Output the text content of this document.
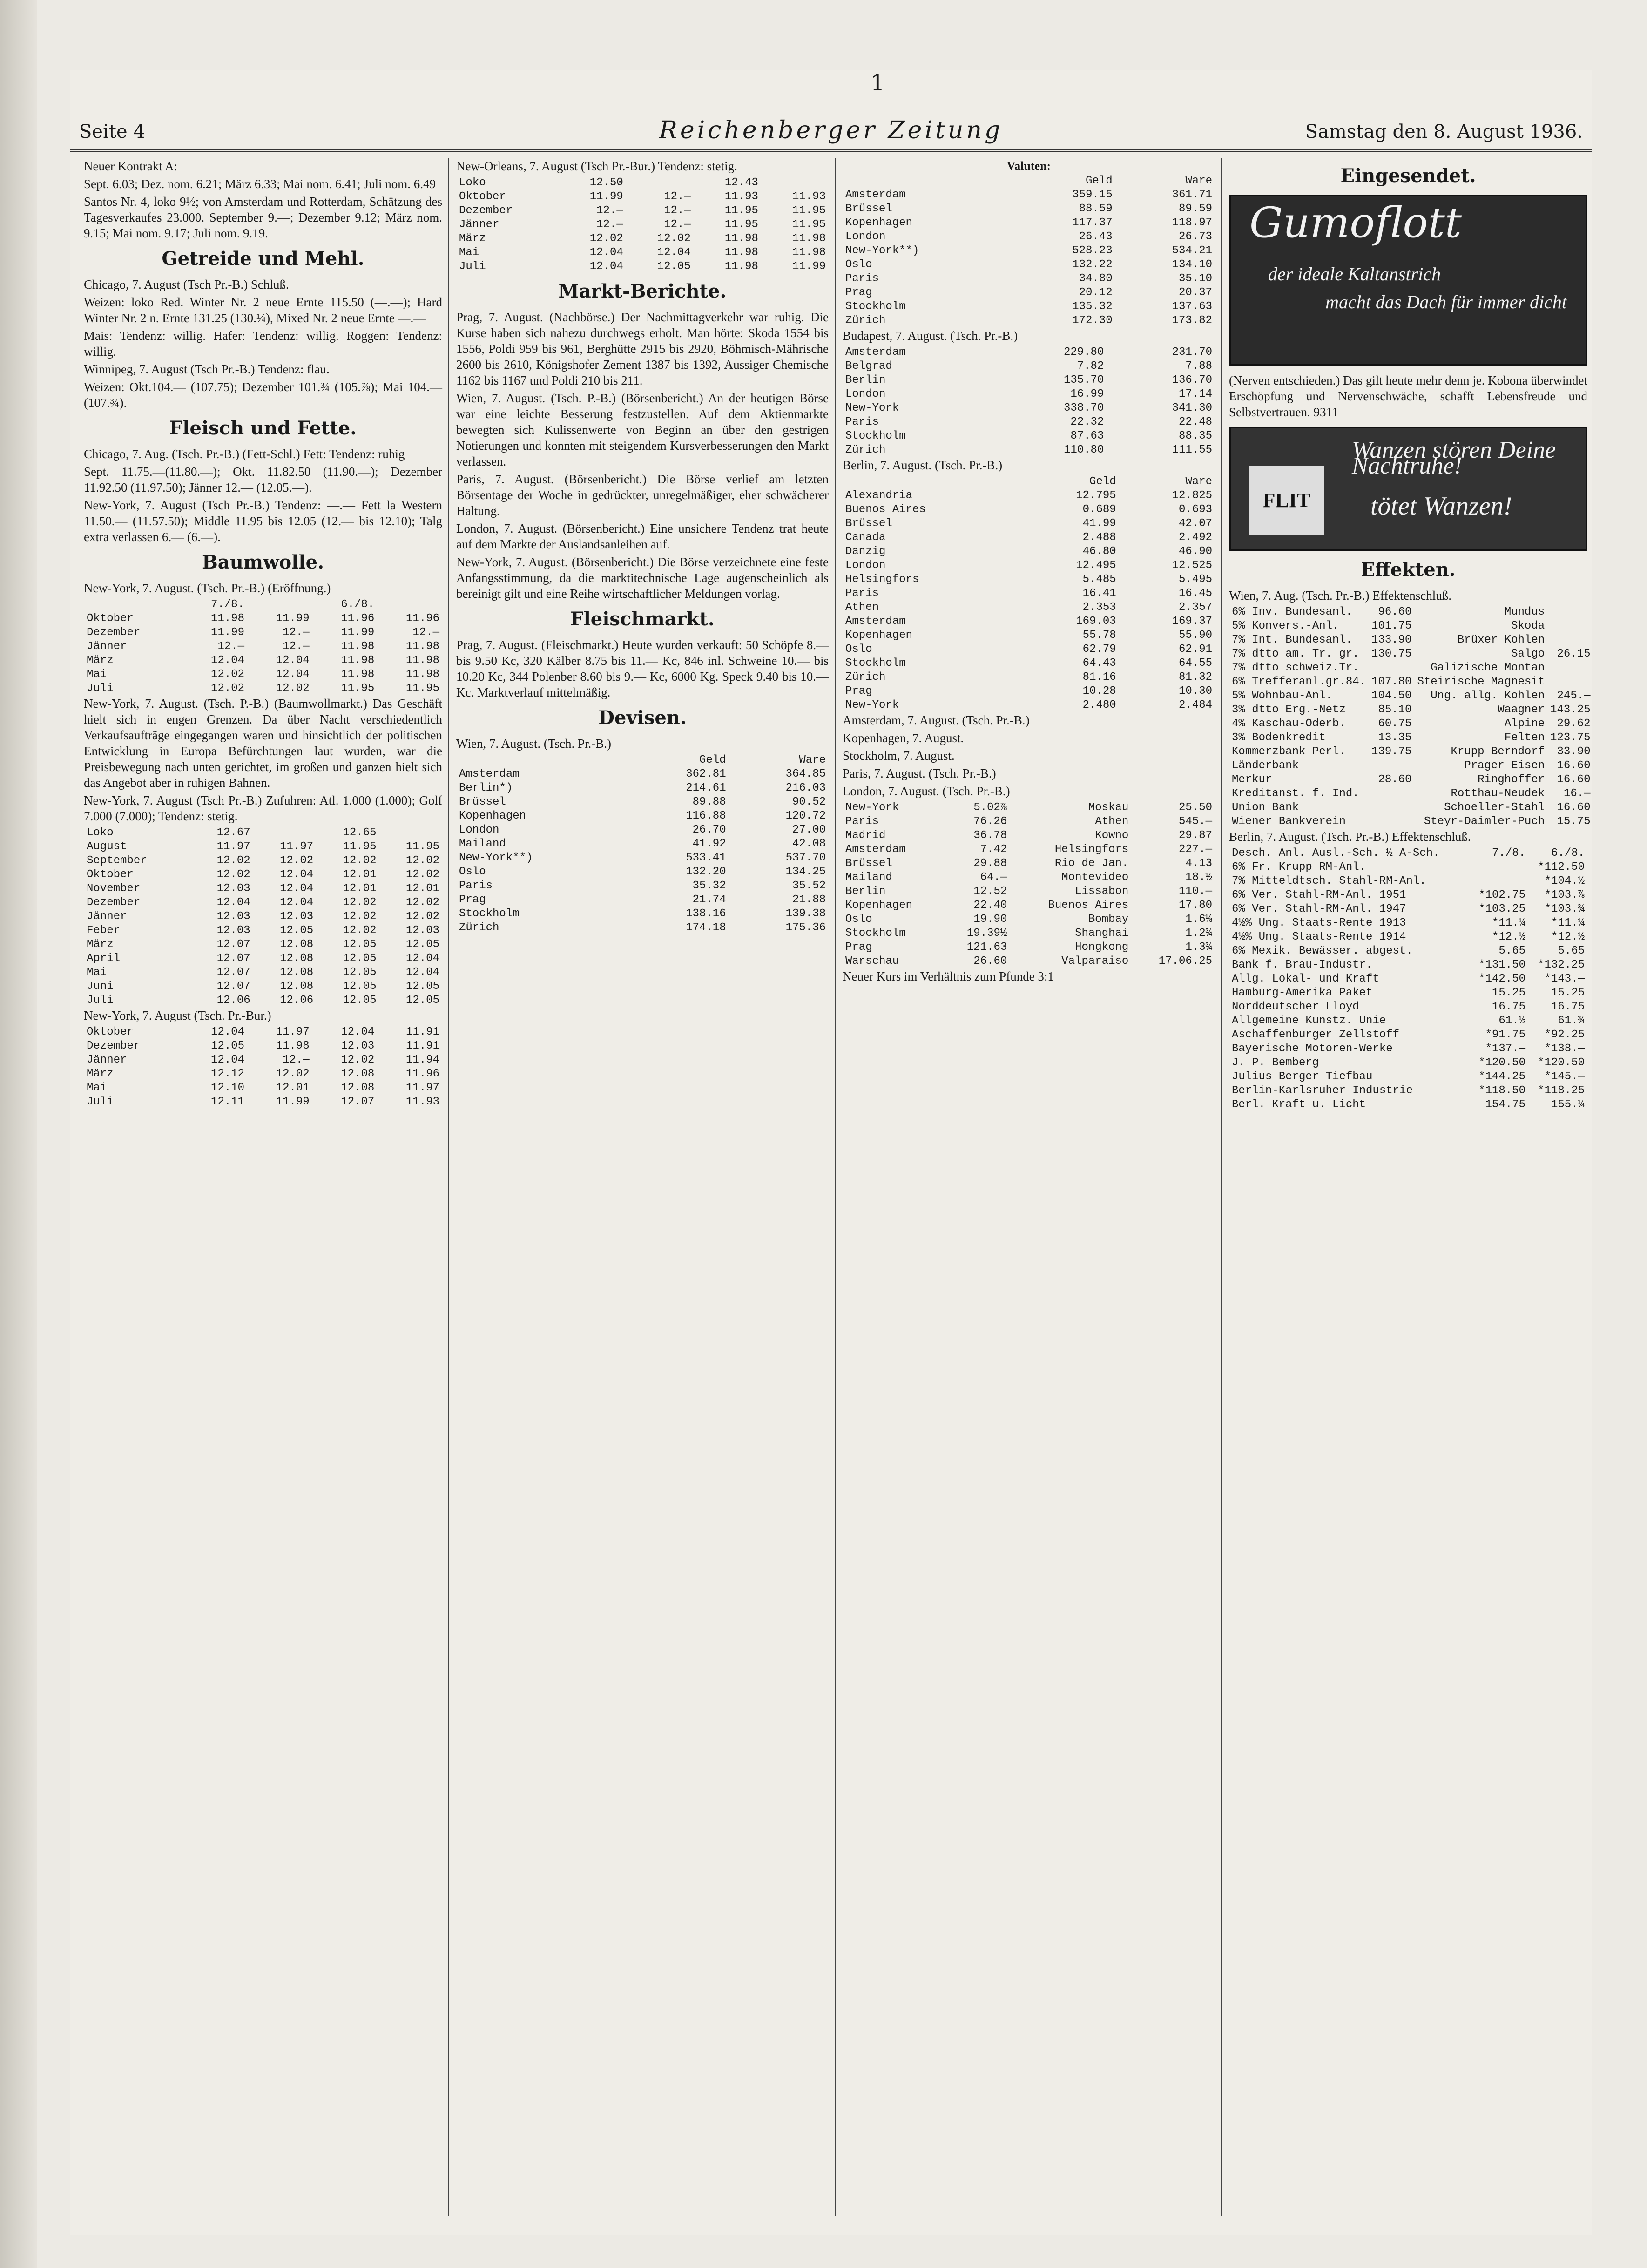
1
Seite 4	Reichenberger Zeitung	Samstag den 8. August 1936.

Neuer Kontrakt A:

Sept. 6.03; Dez. nom. 6.21; März 6.33; Mai nom. 6.41; Juli nom. 6.49

Santos Nr. 4, loko 9½; von Amsterdam und Rotterdam, Schätzung des Tagesverkaufes 23.000. September 9.—; Dezember 9.12; März nom. 9.15; Mai nom. 9.17; Juli nom. 9.19.

Getreide und Mehl.

Chicago, 7. August (Tsch Pr.-B.) Schluß.

Weizen: loko Red. Winter Nr. 2 neue Ernte 115.50 (—.—); Hard Winter Nr. 2 n. Ernte 131.25 (130.¼), Mixed Nr. 2 neue Ernte —.—

Mais: Tendenz: willig. Hafer: Tendenz: willig. Roggen: Tendenz: willig.

Winnipeg, 7. August (Tsch Pr.-B.) Tendenz: flau.

Weizen: Okt.104.— (107.75); Dezember 101.¾ (105.⅞); Mai 104.— (107.¾).

Fleisch und Fette.

Chicago, 7. Aug. (Tsch. Pr.-B.) (Fett-Schl.) Fett: Tendenz: ruhig

Sept. 11.75.—(11.80.—); Okt. 11.82.50 (11.90.—); Dezember 11.92.50 (11.97.50); Jänner 12.— (12.05.—).

New-York, 7. August (Tsch Pr.-B.) Tendenz: —.— Fett la Western 11.50.— (11.57.50); Middle 11.95 bis 12.05 (12.— bis 12.10); Talg extra verlassen 6.— (6.—).

Baumwolle.

New-York, 7. August. (Tsch. Pr.-B.) (Eröffnung.)

	7./8.		6./8.	
Oktober	11.98	11.99	11.96	11.96
Dezember	11.99	12.—	11.99	12.—
Jänner	12.—	12.—	11.98	11.98
März	12.04	12.04	11.98	11.98
Mai	12.02	12.04	11.98	11.98
Juli	12.02	12.02	11.95	11.95

New-York, 7. August. (Tsch. P.-B.) (Baumwollmarkt.) Das Geschäft hielt sich in engen Grenzen. Da über Nacht verschiedentlich Verkaufsaufträge eingegangen waren und hinsichtlich der politischen Entwicklung in Europa Befürchtungen laut wurden, war die Preisbewegung nach unten gerichtet, im großen und ganzen hielt sich das Angebot aber in ruhigen Bahnen.

New-York, 7. August (Tsch Pr.-B.) Zufuhren: Atl. 1.000 (1.000); Golf 7.000 (7.000); Tendenz: stetig.

Loko	12.67		12.65	
August	11.97	11.97	11.95	11.95
September	12.02	12.02	12.02	12.02
Oktober	12.02	12.04	12.01	12.02
November	12.03	12.04	12.01	12.01
Dezember	12.04	12.04	12.02	12.02
Jänner	12.03	12.03	12.02	12.02
Feber	12.03	12.05	12.02	12.03
März	12.07	12.08	12.05	12.05
April	12.07	12.08	12.05	12.04
Mai	12.07	12.08	12.05	12.04
Juni	12.07	12.08	12.05	12.05
Juli	12.06	12.06	12.05	12.05

New-York, 7. August (Tsch. Pr.-Bur.)

Oktober	12.04	11.97	12.04	11.91
Dezember	12.05	11.98	12.03	11.91
Jänner	12.04	12.—	12.02	11.94
März	12.12	12.02	12.08	11.96
Mai	12.10	12.01	12.08	11.97
Juli	12.11	11.99	12.07	11.93

New-Orleans, 7. August (Tsch Pr.-Bur.) Tendenz: stetig.

Loko	12.50		12.43	
Oktober	11.99	12.—	11.93	11.93
Dezember	12.—	12.—	11.95	11.95
Jänner	12.—	12.—	11.95	11.95
März	12.02	12.02	11.98	11.98
Mai	12.04	12.04	11.98	11.98
Juli	12.04	12.05	11.98	11.99
Markt-Berichte.

Prag, 7. August. (Nachbörse.) Der Nachmittagverkehr war ruhig. Die Kurse haben sich nahezu durchwegs erholt. Man hörte: Skoda 1554 bis 1556, Poldi 959 bis 961, Berghütte 2915 bis 2920, Böhmisch-Mährische 2600 bis 2610, Königshofer Zement 1387 bis 1392, Aussiger Chemische 1162 bis 1167 und Poldi 210 bis 211.

Wien, 7. August. (Tsch. P.-B.) (Börsenbericht.) An der heutigen Börse war eine leichte Besserung festzustellen. Auf dem Aktienmarkte bewegten sich Kulissenwerte von Beginn an über den gestrigen Notierungen und konnten mit steigendem Kursverbesserungen den Markt verlassen.

Paris, 7. August. (Börsenbericht.) Die Börse verlief am letzten Börsentage der Woche in gedrückter, unregelmäßiger, eher schwächerer Haltung.

London, 7. August. (Börsenbericht.) Eine unsichere Tendenz trat heute auf dem Markte der Auslandsanleihen auf.

New-York, 7. August. (Börsenbericht.) Die Börse verzeichnete eine feste Anfangsstimmung, da die marktitechnische Lage augenscheinlich als bereinigt gilt und eine Reihe wirtschaftlicher Meldungen vorlag.

Fleischmarkt.

Prag, 7. August. (Fleischmarkt.) Heute wurden verkauft: 50 Schöpfe 8.— bis 9.50 Kc, 320 Kälber 8.75 bis 11.— Kc, 846 inl. Schweine 10.— bis 10.20 Kc, 344 Polenber 8.60 bis 9.— Kc, 6000 Kg. Speck 9.40 bis 10.— Kc. Marktverlauf mittelmäßig.

Devisen.

Wien, 7. August. (Tsch. Pr.-B.)

	Geld	Ware
Amsterdam	362.81	364.85
Berlin*)	214.61	216.03
Brüssel	89.88	90.52
Kopenhagen	116.88	120.72
London	26.70	27.00
Mailand	41.92	42.08
New-York**)	533.41	537.70
Oslo	132.20	134.25
Paris	35.32	35.52
Prag	21.74	21.88
Stockholm	138.16	139.38
Zürich	174.18	175.36
Valuten:
	Geld	Ware
Amsterdam	359.15	361.71
Brüssel	88.59	89.59
Kopenhagen	117.37	118.97
London	26.43	26.73
New-York**)	528.23	534.21
Oslo	132.22	134.10
Paris	34.80	35.10
Prag	20.12	20.37
Stockholm	135.32	137.63
Zürich	172.30	173.82

Budapest, 7. August. (Tsch. Pr.-B.)

Amsterdam	229.80	231.70
Belgrad	7.82	7.88
Berlin	135.70	136.70
London	16.99	17.14
New-York	338.70	341.30
Paris	22.32	22.48
Stockholm	87.63	88.35
Zürich	110.80	111.55

Berlin, 7. August. (Tsch. Pr.-B.)

	Geld	Ware
Alexandria	12.795	12.825
Buenos Aires	0.689	0.693
Brüssel	41.99	42.07
Canada	2.488	2.492
Danzig	46.80	46.90
London	12.495	12.525
Helsingfors	5.485	5.495
Paris	16.41	16.45
Athen	2.353	2.357
Amsterdam	169.03	169.37
Kopenhagen	55.78	55.90
Oslo	62.79	62.91
Stockholm	64.43	64.55
Zürich	81.16	81.32
Prag	10.28	10.30
New-York	2.480	2.484

Amsterdam, 7. August. (Tsch. Pr.-B.)

Kopenhagen, 7. August.

Stockholm, 7. August.

Paris, 7. August. (Tsch. Pr.-B.)

London, 7. August. (Tsch. Pr.-B.)

New-York	5.02⅞	Moskau	25.50
Paris	76.26	Athen	545.—
Madrid	36.78	Kowno	29.87
Amsterdam	7.42	Helsingfors	227.—
Brüssel	29.88	Rio de Jan.	4.13
Mailand	64.—	Montevideo	18.½
Berlin	12.52	Lissabon	110.—
Kopenhagen	22.40	Buenos Aires	17.80
Oslo	19.90	Bombay	1.6⅛
Stockholm	19.39½	Shanghai	1.2¾
Prag	121.63	Hongkong	1.3¾
Warschau	26.60	Valparaiso	17.06.25

Neuer Kurs im Verhältnis zum Pfunde 3:1

Eingesendet.
Gumoflott
der ideale Kaltanstrich
macht das Dach für immer dicht

(Nerven entschieden.) Das gilt heute mehr denn je. Kobona überwindet Erschöpfung und Nervenschwäche, schafft Lebensfreude und Selbstvertrauen. 9311

FLIT
Wanzen stören Deine Nachtruhe!
tötet Wanzen!
Effekten.

Wien, 7. Aug. (Tsch. Pr.-B.) Effektenschluß.

6% Inv. Bundesanl.	96.60	Mundus	
5% Konvers.-Anl.	101.75	Skoda	
7% Int. Bundesanl.	133.90	Brüxer Kohlen	
7% dtto am. Tr. gr.	130.75	Salgo	26.15
7% dtto schweiz.Tr.		Galizische Montan	
6% Trefferanl.gr.84.	107.80	Steirische Magnesit	
5% Wohnbau-Anl.	104.50	Ung. allg. Kohlen	245.—
3% dtto Erg.-Netz	85.10	Waagner	143.25
4% Kaschau-Oderb.	60.75	Alpine	29.62
3% Bodenkredit	13.35	Felten	123.75
Kommerzbank Perl.	139.75	Krupp Berndorf	33.90
Länderbank		Prager Eisen	16.60
Merkur	28.60	Ringhoffer	16.60
Kreditanst. f. Ind.		Rotthau-Neudek	16.—
Union Bank		Schoeller-Stahl	16.60
Wiener Bankverein		Steyr-Daimler-Puch	15.75

Berlin, 7. August. (Tsch. Pr.-B.) Effektenschluß.

Desch. Anl. Ausl.-Sch. ½ A-Sch.	7./8.	6./8.
6% Fr. Krupp RM-Anl.		*112.50
7% Mitteldtsch. Stahl-RM-Anl.		*104.½
6% Ver. Stahl-RM-Anl. 1951	*102.75	*103.⅞
6% Ver. Stahl-RM-Anl. 1947	*103.25	*103.¾
4½% Ung. Staats-Rente 1913	*11.¼	*11.¼
4½% Ung. Staats-Rente 1914	*12.½	*12.½
6% Mexik. Bewässer. abgest.	5.65	5.65
Bank f. Brau-Industr.	*131.50	*132.25
Allg. Lokal- und Kraft	*142.50	*143.—
Hamburg-Amerika Paket	15.25	15.25
Norddeutscher Lloyd	16.75	16.75
Allgemeine Kunstz. Unie	61.½	61.¾
Aschaffenburger Zellstoff	*91.75	*92.25
Bayerische Motoren-Werke	*137.—	*138.—
J. P. Bemberg	*120.50	*120.50
Julius Berger Tiefbau	*144.25	*145.—
Berlin-Karlsruher Industrie	*118.50	*118.25
Berl. Kraft u. Licht	154.75	155.¼
